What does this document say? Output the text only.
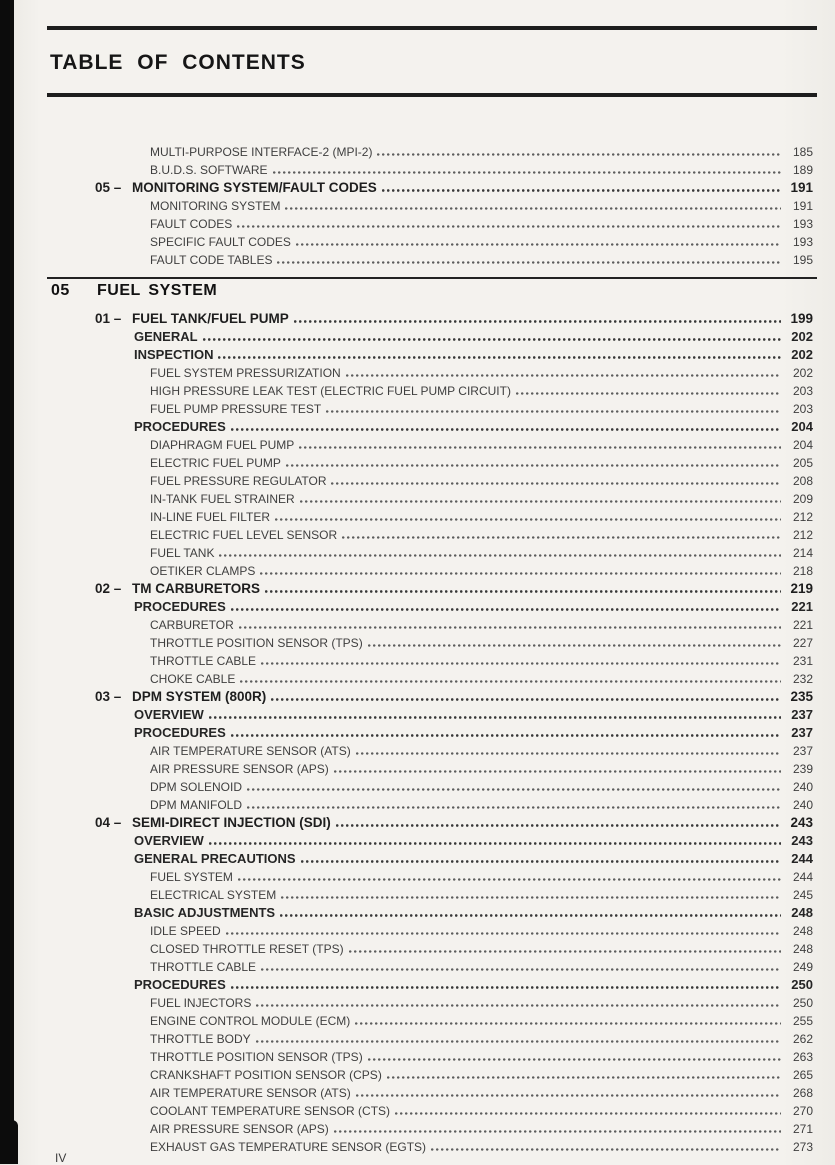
TABLE OF CONTENTS
MULTI-PURPOSE INTERFACE-2 (MPI-2)	185
B.U.D.S. SOFTWARE	189
05 – MONITORING SYSTEM/FAULT CODES	191
MONITORING SYSTEM	191
FAULT CODES	193
SPECIFIC FAULT CODES	193
FAULT CODE TABLES	195
05	FUEL SYSTEM
01 – FUEL TANK/FUEL PUMP	199
GENERAL	202
INSPECTION	202
FUEL SYSTEM PRESSURIZATION	202
HIGH PRESSURE LEAK TEST (ELECTRIC FUEL PUMP CIRCUIT)	203
FUEL PUMP PRESSURE TEST	203
PROCEDURES	204
DIAPHRAGM FUEL PUMP	204
ELECTRIC FUEL PUMP	205
FUEL PRESSURE REGULATOR	208
IN-TANK FUEL STRAINER	209
IN-LINE FUEL FILTER	212
ELECTRIC FUEL LEVEL SENSOR	212
FUEL TANK	214
OETIKER CLAMPS	218
02 – TM CARBURETORS	219
PROCEDURES	221
CARBURETOR	221
THROTTLE POSITION SENSOR (TPS)	227
THROTTLE CABLE	231
CHOKE CABLE	232
03 – DPM SYSTEM (800R)	235
OVERVIEW	237
PROCEDURES	237
AIR TEMPERATURE SENSOR (ATS)	237
AIR PRESSURE SENSOR (APS)	239
DPM SOLENOID	240
DPM MANIFOLD	240
04 – SEMI-DIRECT INJECTION (SDI)	243
OVERVIEW	243
GENERAL PRECAUTIONS	244
FUEL SYSTEM	244
ELECTRICAL SYSTEM	245
BASIC ADJUSTMENTS	248
IDLE SPEED	248
CLOSED THROTTLE RESET (TPS)	248
THROTTLE CABLE	249
PROCEDURES	250
FUEL INJECTORS	250
ENGINE CONTROL MODULE (ECM)	255
THROTTLE BODY	262
THROTTLE POSITION SENSOR (TPS)	263
CRANKSHAFT POSITION SENSOR (CPS)	265
AIR TEMPERATURE SENSOR (ATS)	268
COOLANT TEMPERATURE SENSOR (CTS)	270
AIR PRESSURE SENSOR (APS)	271
EXHAUST GAS TEMPERATURE SENSOR (EGTS)	273
IV
